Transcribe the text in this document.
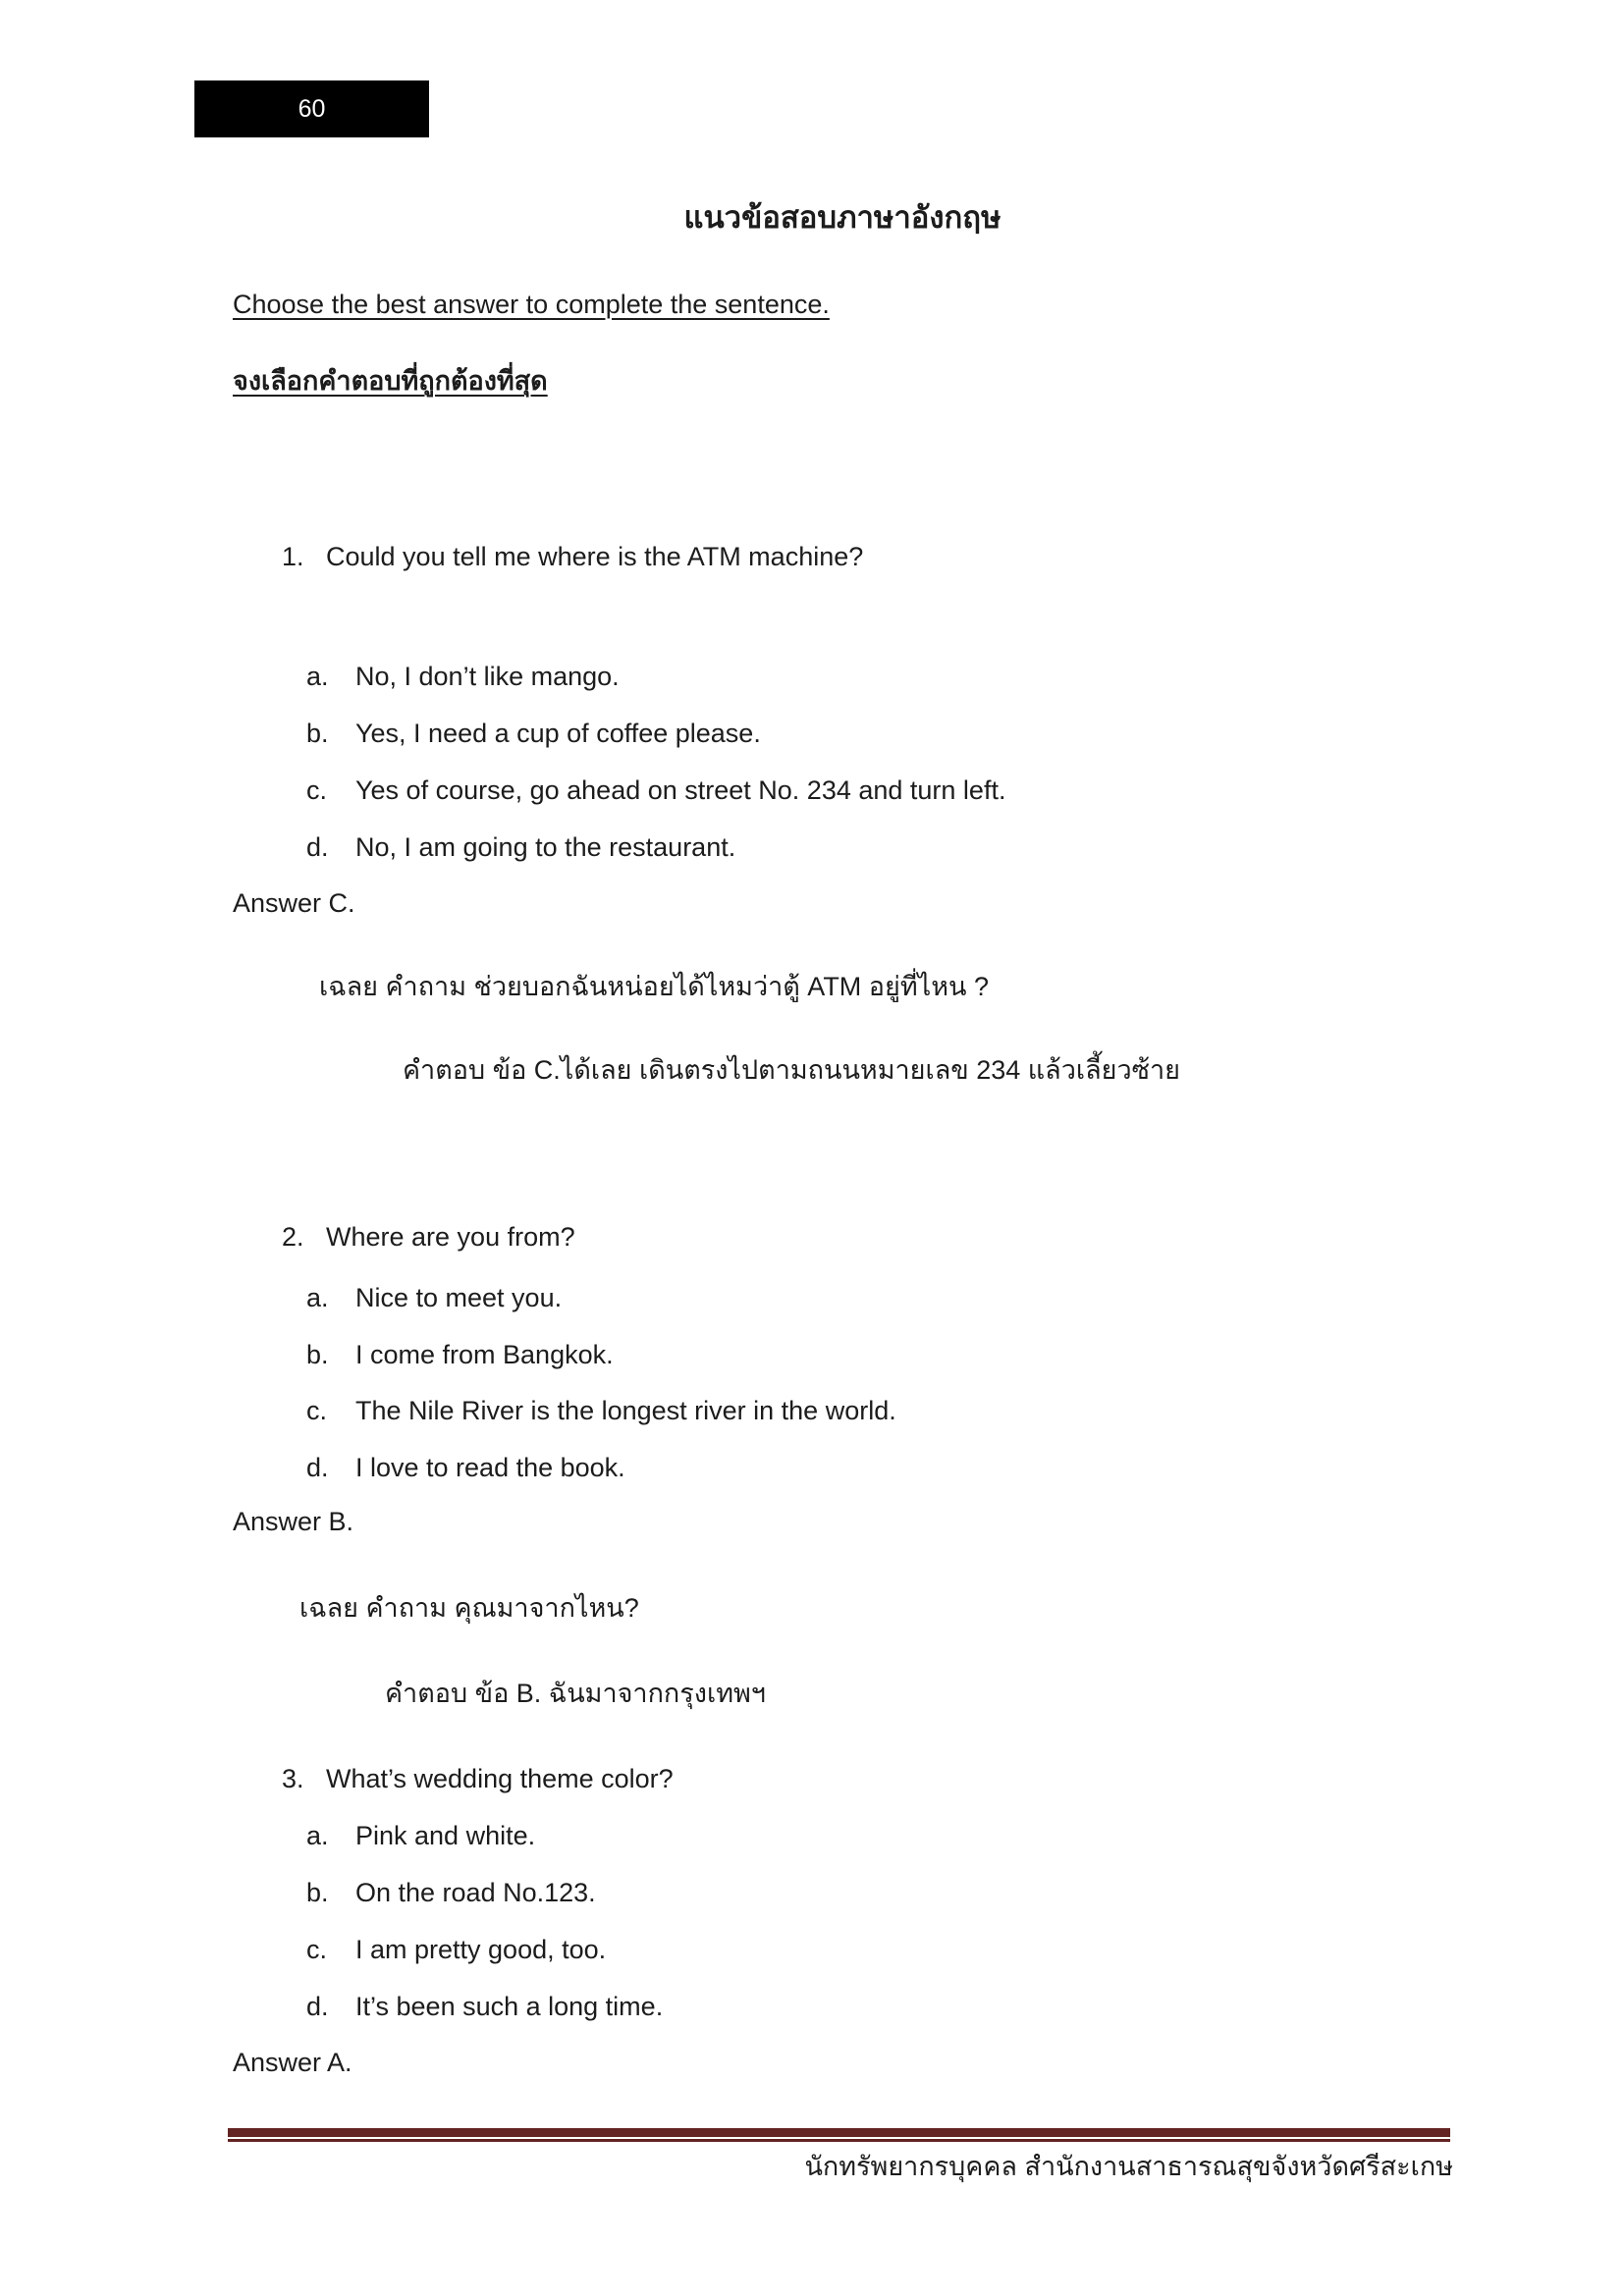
60
แนวข้อสอบภาษาอังกฤษ
Choose the best answer to complete the sentence.
จงเลือกคำตอบที่ถูกต้องที่สุด
1. Could you tell me where is the ATM machine?
a. No, I don’t like mango.
b. Yes, I need a cup of coffee please.
c. Yes of course, go ahead on street No. 234 and turn left.
d. No, I am going to the restaurant.
Answer C.
เฉลย คำถาม ช่วยบอกฉันหน่อยได้ไหมว่าตู้ ATM อยู่ที่ไหน ?
คำตอบ ข้อ C.ได้เลย เดินตรงไปตามถนนหมายเลข 234 แล้วเลี้ยวซ้าย
2. Where are you from?
a. Nice to meet you.
b. I come from Bangkok.
c. The Nile River is the longest river in the world.
d. I love to read the book.
Answer B.
เฉลย คำถาม คุณมาจากไหน?
คำตอบ ข้อ B. ฉันมาจากกรุงเทพฯ
3. What’s wedding theme color?
a. Pink and white.
b. On the road No.123.
c. I am pretty good, too.
d. It’s been such a long time.
Answer A.
นักทรัพยากรบุคคล สำนักงานสาธารณสุขจังหวัดศรีสะเกษ
